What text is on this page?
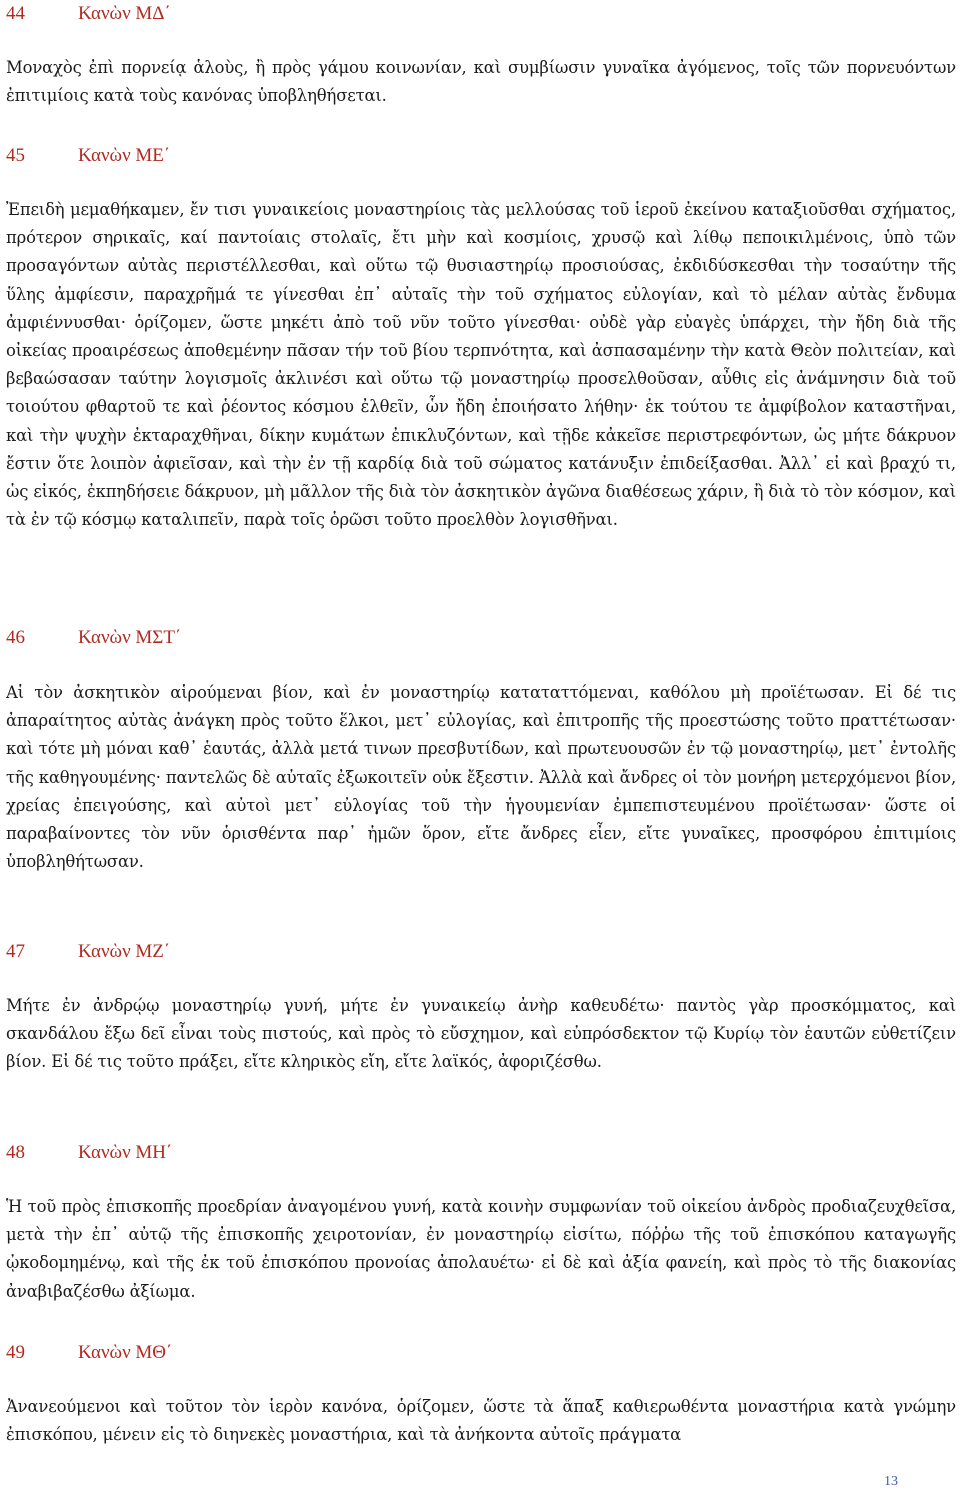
44	Κανὼν ΜΔ΄

Μοναχὸς ἐπὶ πορνείᾳ ἁλοὺς, ἢ πρὸς γάμου κοινωνίαν, καὶ συμβίωσιν γυναῖκα ἀγόμενος, τοῖς τῶν πορνευόντων ἐπιτιμίοις κατὰ τοὺς κανόνας ὑποβληθήσεται.

45	Κανὼν ΜΕ΄

Ἐπειδὴ μεμαθήκαμεν, ἔν τισι γυναικείοις μοναστηρίοις τὰς μελλούσας τοῦ ἱεροῦ ἐκείνου καταξιοῦσθαι σχήματος, πρότερον σηρικαῖς, καί παντοίαις στολαῖς, ἔτι μὴν καὶ κοσμίοις, χρυσῷ καὶ λίθῳ πεποικιλμένοις, ὑπὸ τῶν προσαγόντων αὐτὰς περιστέλλεσθαι, καὶ οὕτω τῷ θυσιαστηρίῳ προσιούσας, ἐκδιδύσκεσθαι τὴν τοσαύτην τῆς ὕλης ἀμφίεσιν, παραχρῆμά τε γίνεσθαι ἐπ᾽ αὐταῖς τὴν τοῦ σχήματος εὐλογίαν, καὶ τὸ μέλαν αὐτὰς ἔνδυμα ἀμφιέννυσθαι· ὁρίζομεν, ὥστε μηκέτι ἀπὸ τοῦ νῦν τοῦτο γίνεσθαι· οὐδὲ γὰρ εὐαγὲς ὑπάρχει, τὴν ἤδη διὰ τῆς οἰκείας προαιρέσεως ἀποθεμένην πᾶσαν τήν τοῦ βίου τερπνότητα, καὶ ἀσπασαμένην τὴν κατὰ Θεὸν πολιτείαν, καὶ βεβαώσασαν ταύτην λογισμοῖς ἀκλινέσι καὶ οὕτω τῷ μοναστηρίῳ προσελθοῦσαν, αὖθις εἰς ἀνάμνησιν διὰ τοῦ τοιούτου φθαρτοῦ τε καὶ ῥέοντος κόσμου ἐλθεῖν, ὧν ἤδη ἐποιήσατο λήθην· ἐκ τούτου τε ἀμφίβολον καταστῆναι, καὶ τὴν ψυχὴν ἐκταραχθῆναι, δίκην κυμάτων ἐπικλυζόντων, καὶ τῇδε κἀκεῖσε περιστρεφόντων, ὡς μήτε δάκρυον ἔστιν ὅτε λοιπὸν ἀφιεῖσαν, καὶ τὴν ἐν τῇ καρδίᾳ διὰ τοῦ σώματος κατάνυξιν ἐπιδείξασθαι. Ἀλλ᾽ εἰ καὶ βραχύ τι, ὡς εἰκός, ἐκπηδήσειε δάκρυον, μὴ μᾶλλον τῆς διὰ τὸν ἀσκητικὸν ἀγῶνα διαθέσεως χάριν, ἢ διὰ τὸ τὸν κόσμον, καὶ τὰ ἐν τῷ κόσμῳ καταλιπεῖν, παρὰ τοῖς ὁρῶσι τοῦτο προελθὸν λογισθῆναι.

46	Κανὼν ΜΣΤ΄

Αἱ τὸν ἀσκητικὸν αἱρούμεναι βίον, καὶ ἐν μοναστηρίῳ καταταττόμεναι, καθόλου μὴ προϊέτωσαν. Εἰ δέ τις ἀπαραίτητος αὐτὰς ἀνάγκη πρὸς τοῦτο ἕλκοι, μετ᾽ εὐλογίας, καὶ ἐπιτροπῆς τῆς προεστώσης τοῦτο πραττέτωσαν· καὶ τότε μὴ μόναι καθ᾽ ἑαυτάς, ἀλλὰ μετά τινων πρεσβυτίδων, καὶ πρωτευουσῶν ἐν τῷ μοναστηρίῳ, μετ᾽ ἐντολῆς τῆς καθηγουμένης· παντελῶς δὲ αὐταῖς ἐξωκοιτεῖν οὐκ ἔξεστιν. Ἀλλὰ καὶ ἄνδρες οἱ τὸν μονήρη μετερχόμενοι βίον, χρείας ἐπειγούσης, καὶ αὐτοὶ μετ᾽ εὐλογίας τοῦ τὴν ἡγουμενίαν ἐμπεπιστευμένου προϊέτωσαν· ὥστε οἱ παραβαίνοντες τὸν νῦν ὁρισθέντα παρ᾽ ἡμῶν ὅρον, εἴτε ἄνδρες εἶεν, εἴτε γυναῖκες, προσφόρου ἐπιτιμίοις ὑποβληθήτωσαν.

47	Κανὼν ΜΖ΄

Μήτε ἐν ἀνδρῴῳ μοναστηρίῳ γυνή, μήτε ἐν γυναικείῳ ἀνὴρ καθευδέτω· παντὸς γὰρ προσκόμματος, καὶ σκανδάλου ἔξω δεῖ εἶναι τοὺς πιστούς, καὶ πρὸς τὸ εὔσχημον, καὶ εὐπρόσδεκτον τῷ Κυρίῳ τὸν ἑαυτῶν εὐθετίζειν βίον. Εἰ δέ τις τοῦτο πράξει, εἴτε κληρικὸς εἴη, εἴτε λαϊκός, ἀφοριζέσθω.

48	Κανὼν ΜΗ΄

Ἡ τοῦ πρὸς ἐπισκοπῆς προεδρίαν ἀναγομένου γυνή, κατὰ κοινὴν συμφωνίαν τοῦ οἰκείου ἀνδρὸς προδιαζευχθεῖσα, μετὰ τὴν ἐπ᾽ αὐτῷ τῆς ἐπισκοπῆς χειροτονίαν, ἐν μοναστηρίῳ εἰσίτω, πόῤῥω τῆς τοῦ ἐπισκόπου καταγωγῆς ᾠκοδομημένῳ, καὶ τῆς ἐκ τοῦ ἐπισκόπου προνοίας ἀπολαυέτω· εἰ δὲ καὶ ἀξία φανείη, καὶ πρὸς τὸ τῆς διακονίας ἀναβιβαζέσθω ἀξίωμα.

49	Κανὼν ΜΘ΄

Ἀνανεούμενοι καὶ τοῦτον τὸν ἱερὸν κανόνα, ὁρίζομεν, ὥστε τὰ ἅπαξ καθιερωθέντα μοναστήρια κατὰ γνώμην ἐπισκόπου, μένειν εἰς τὸ διηνεκὲς μοναστήρια, καὶ τὰ ἀνήκοντα αὐτοῖς πράγματα

13
